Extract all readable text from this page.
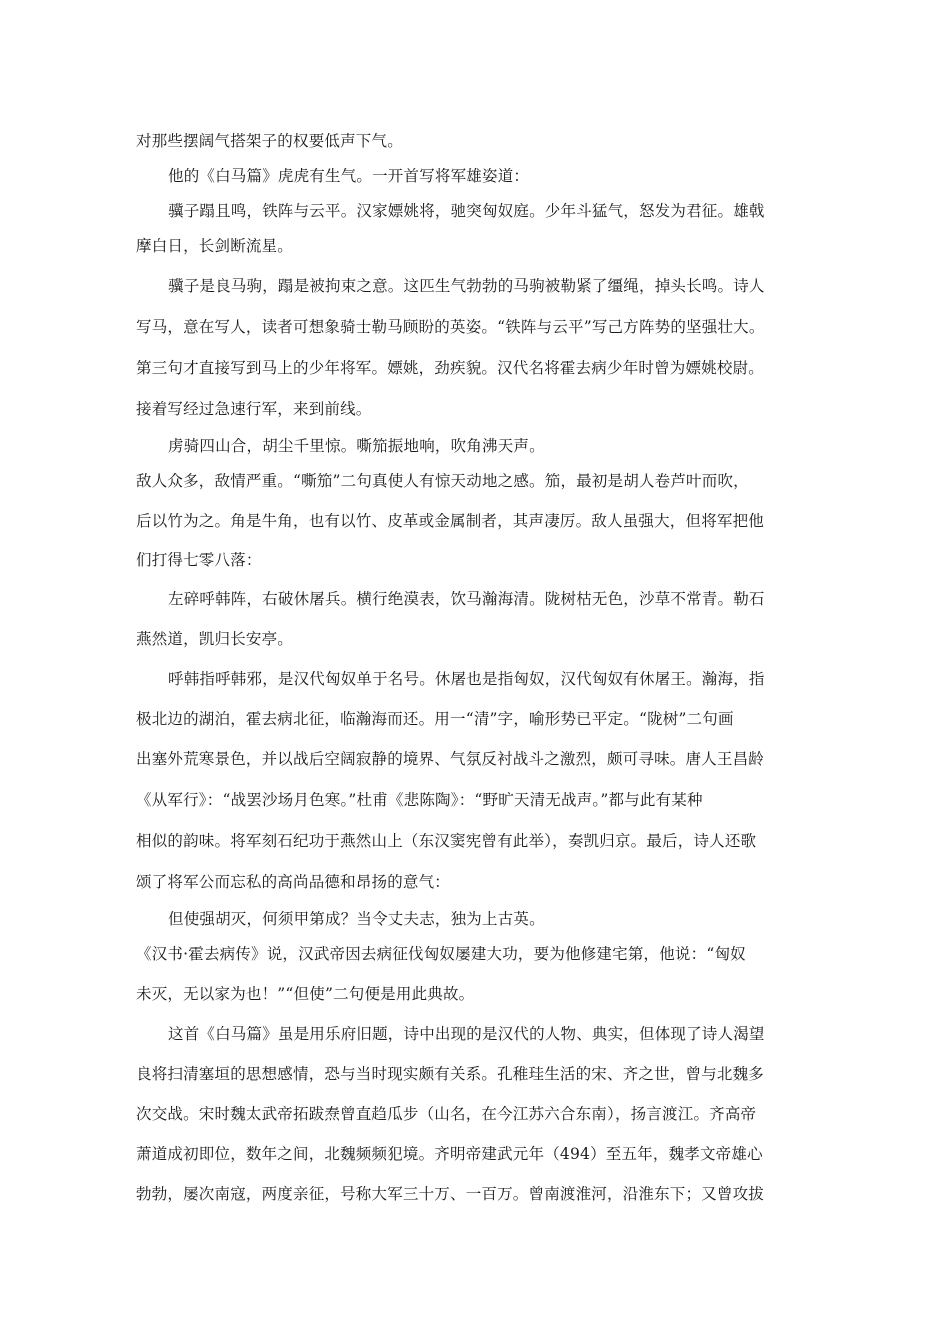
对那些摆阔气搭架子的权要低声下气。
他的《白马篇》虎虎有生气。一开首写将军雄姿道：
骥子蹋且鸣，铁阵与云平。汉家嫖姚将，驰突匈奴庭。少年斗猛气，怒发为君征。雄戟
摩白日，长剑断流星。
骥子是良马驹，蹋是被拘束之意。这匹生气勃勃的马驹被勒紧了缰绳，掉头长鸣。诗人
写马，意在写人，读者可想象骑士勒马顾盼的英姿。“铁阵与云平”写己方阵势的坚强壮大。
第三句才直接写到马上的少年将军。嫖姚，劲疾貌。汉代名将霍去病少年时曾为嫖姚校尉。
接着写经过急速行军，来到前线。
虏骑四山合，胡尘千里惊。嘶笳振地响，吹角沸天声。
敌人众多，敌情严重。“嘶笳”二句真使人有惊天动地之感。笳，最初是胡人卷芦叶而吹，
后以竹为之。角是牛角，也有以竹、皮革或金属制者，其声凄厉。敌人虽强大，但将军把他
们打得七零八落：
左碎呼韩阵，右破休屠兵。横行绝漠表，饮马瀚海清。陇树枯无色，沙草不常青。勒石
燕然道，凯归长安亭。
呼韩指呼韩邪，是汉代匈奴单于名号。休屠也是指匈奴，汉代匈奴有休屠王。瀚海，指
极北边的湖泊，霍去病北征，临瀚海而还。用一“清”字，喻形势已平定。“陇树”二句画
出塞外荒寒景色，并以战后空阔寂静的境界、气氛反衬战斗之激烈，颇可寻味。唐人王昌龄
《从军行》：“战罢沙场月色寒。”杜甫《悲陈陶》：“野旷天清无战声。”都与此有某种
相似的韵味。将军刻石纪功于燕然山上（东汉窦宪曾有此举），奏凯归京。最后，诗人还歌
颂了将军公而忘私的高尚品德和昂扬的意气：
但使强胡灭，何须甲第成？当令丈夫志，独为上古英。
《汉书·霍去病传》说，汉武帝因去病征伐匈奴屡建大功，要为他修建宅第，他说：“匈奴
未灭，无以家为也！”“但使”二句便是用此典故。
这首《白马篇》虽是用乐府旧题，诗中出现的是汉代的人物、典实，但体现了诗人渴望
良将扫清塞垣的思想感情，恐与当时现实颇有关系。孔稚珪生活的宋、齐之世，曾与北魏多
次交战。宋时魏太武帝拓跋焘曾直趋瓜步（山名，在今江苏六合东南），扬言渡江。齐高帝
萧道成初即位，数年之间，北魏频频犯境。齐明帝建武元年（494）至五年，魏孝文帝雄心
勃勃，屡次南寇，两度亲征，号称大军三十万、一百万。曾南渡淮河，沿淮东下；又曾攻拔
